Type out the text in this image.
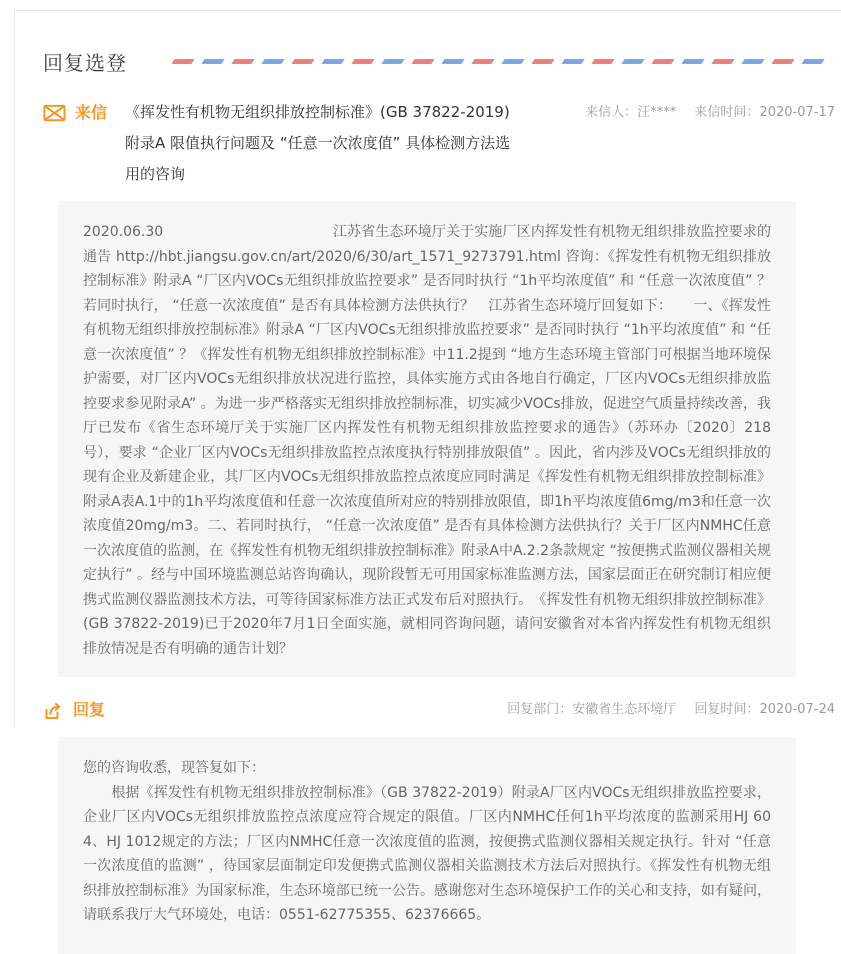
回复选登
来信 《挥发性有机物无组织排放控制标准》(GB 37822-2019)附录A 限值执行问题及 “任意一次浓度值” 具体检测方法选用的咨询
来信人：汪**** 来信时间：2020-07-17

2020.06.30　　　　　　　　　　　　江苏省生态环境厅关于实施厂区内挥发性有机物无组织排放监控要求的通告 http://hbt.jiangsu.gov.cn/art/2020/6/30/art_1571_9273791.html 咨询：《挥发性有机物无组织排放控制标准》附录A “厂区内VOCs无组织排放监控要求” 是否同时执行 “1h平均浓度值” 和 “任意一次浓度值” ？若同时执行， “任意一次浓度值” 是否有具体检测方法供执行？　江苏省生态环境厅回复如下：　　一、《挥发性有机物无组织排放控制标准》附录A “厂区内VOCs无组织排放监控要求” 是否同时执行 “1h平均浓度值” 和 “任意一次浓度值” ？《挥发性有机物无组织排放控制标准》中11.2提到 “地方生态环境主管部门可根据当地环境保护需要，对厂区内VOCs无组织排放状况进行监控，具体实施方式由各地自行确定，厂区内VOCs无组织排放监控要求参见附录A” 。为进一步严格落实无组织排放控制标准，切实减少VOCs排放，促进空气质量持续改善，我厅已发布《省生态环境厅关于实施厂区内挥发性有机物无组织排放监控要求的通告》（苏环办〔2020〕218号），要求 “企业厂区内VOCs无组织排放监控点浓度执行特别排放限值” 。因此，省内涉及VOCs无组织排放的现有企业及新建企业，其厂区内VOCs无组织排放监控点浓度应同时满足《挥发性有机物无组织排放控制标准》附录A表A.1中的1h平均浓度值和任意一次浓度值所对应的特别排放限值，即1h平均浓度值6mg/m3和任意一次浓度值20mg/m3。二、若同时执行， “任意一次浓度值” 是否有具体检测方法供执行？关于厂区内NMHC任意一次浓度值的监测，在《挥发性有机物无组织排放控制标准》附录A中A.2.2条款规定 “按便携式监测仪器相关规定执行” 。经与中国环境监测总站咨询确认，现阶段暂无可用国家标准监测方法，国家层面正在研究制订相应便携式监测仪器监测技术方法，可等待国家标准方法正式发布后对照执行。　《挥发性有机物无组织排放控制标准》(GB 37822-2019)已于2020年7月1日全面实施，就相同咨询问题，请问安徽省对本省内挥发性有机物无组织排放情况是否有明确的通告计划？

回复	回复部门：安徽省生态环境厅 回复时间：2020-07-24

您的咨询收悉，现答复如下：

　　根据《挥发性有机物无组织排放控制标准》（GB 37822-2019）附录A厂区内VOCs无组织排放监控要求，企业厂区内VOCs无组织排放监控点浓度应符合规定的限值。厂区内NMHC任何1h平均浓度的监测采用HJ 604、HJ 1012规定的方法；厂区内NMHC任意一次浓度值的监测，按便携式监测仪器相关规定执行。针对 “任意一次浓度值的监测” ，待国家层面制定印发便携式监测仪器相关监测技术方法后对照执行。《挥发性有机物无组织排放控制标准》为国家标准，生态环境部已统一公告。感谢您对生态环境保护工作的关心和支持，如有疑问，请联系我厅大气环境处，电话：0551-62775355、62376665。
